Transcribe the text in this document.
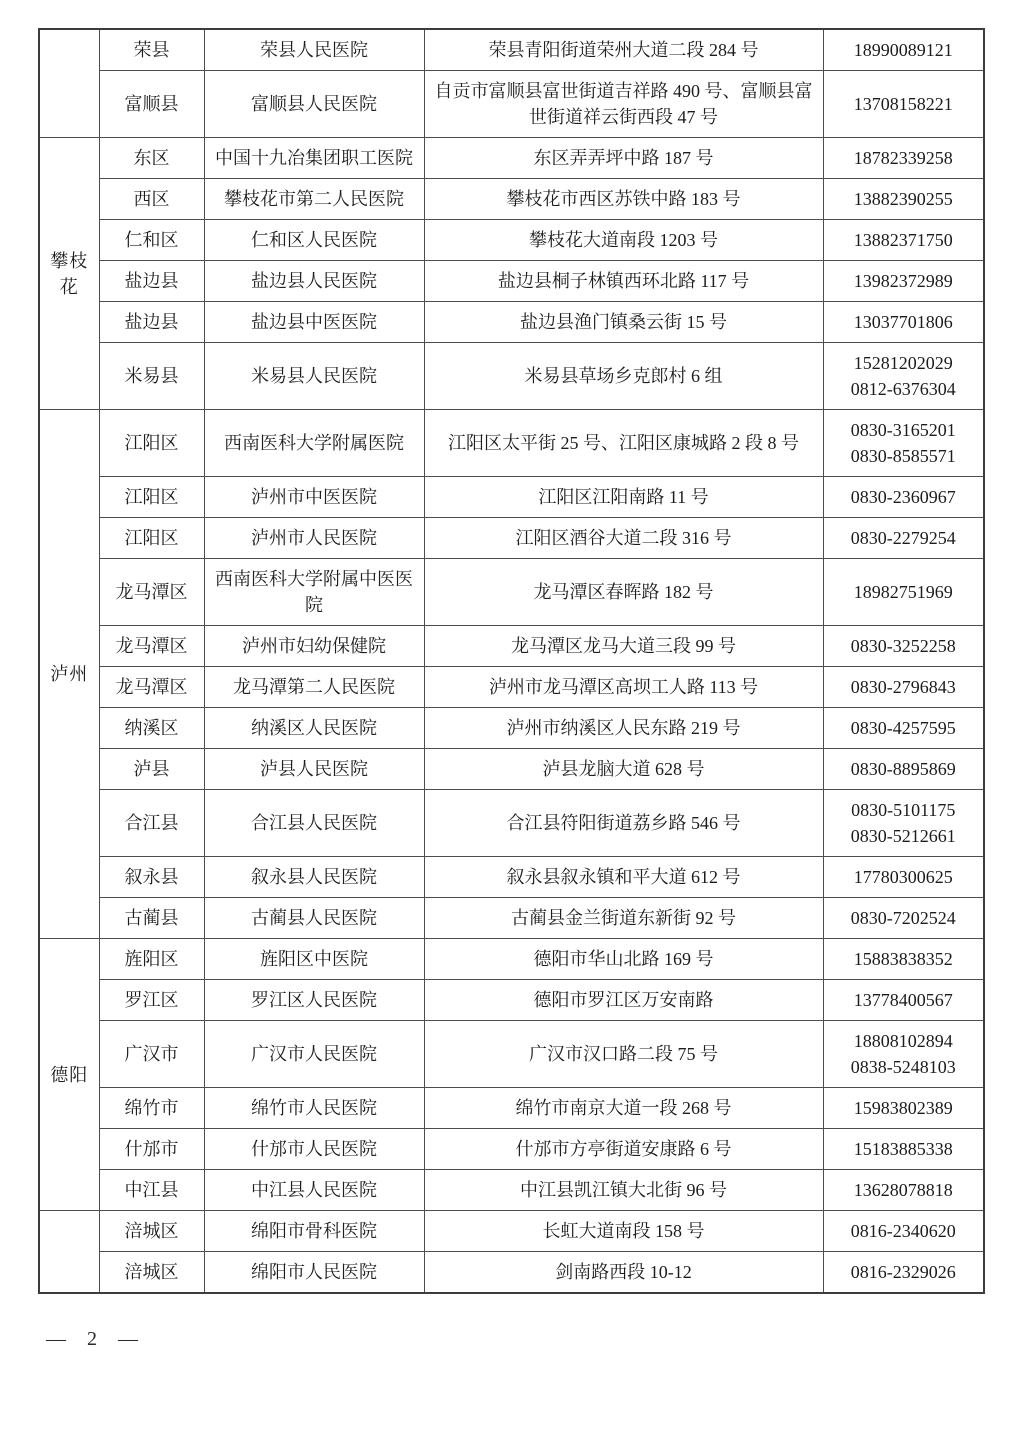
	荣县	荣县人民医院	荣县青阳街道荣州大道二段 284 号	18990089121

	富顺县	富顺县人民医院	自贡市富顺县富世街道吉祥路 490 号、富顺县富世街道祥云街西段 47 号	13708158221

攀枝花	东区	中国十九冶集团职工医院	东区弄弄坪中路 187 号	18782339258

	西区	攀枝花市第二人民医院	攀枝花市西区苏铁中路 183 号	13882390255

	仁和区	仁和区人民医院	攀枝花大道南段 1203 号	13882371750

	盐边县	盐边县人民医院	盐边县桐子林镇西环北路 117 号	13982372989

	盐边县	盐边县中医医院	盐边县渔门镇桑云街 15 号	13037701806

	米易县	米易县人民医院	米易县草场乡克郎村 6 组	15281202029
0812-6376304

泸州	江阳区	西南医科大学附属医院	江阳区太平街 25 号、江阳区康城路 2 段 8 号	0830-3165201
0830-8585571

	江阳区	泸州市中医医院	江阳区江阳南路 11 号	0830-2360967

	江阳区	泸州市人民医院	江阳区酒谷大道二段 316 号	0830-2279254

	龙马潭区	西南医科大学附属中医医院	龙马潭区春晖路 182 号	18982751969

	龙马潭区	泸州市妇幼保健院	龙马潭区龙马大道三段 99 号	0830-3252258

	龙马潭区	龙马潭第二人民医院	泸州市龙马潭区高坝工人路 113 号	0830-2796843

	纳溪区	纳溪区人民医院	泸州市纳溪区人民东路 219 号	0830-4257595

	泸县	泸县人民医院	泸县龙脑大道 628 号	0830-8895869

	合江县	合江县人民医院	合江县符阳街道荔乡路 546 号	0830-5101175
0830-5212661

	叙永县	叙永县人民医院	叙永县叙永镇和平大道 612 号	17780300625

	古蔺县	古蔺县人民医院	古蔺县金兰街道东新街 92 号	0830-7202524

德阳	旌阳区	旌阳区中医院	德阳市华山北路 169 号	15883838352

	罗江区	罗江区人民医院	德阳市罗江区万安南路	13778400567

	广汉市	广汉市人民医院	广汉市汉口路二段 75 号	18808102894
0838-5248103

	绵竹市	绵竹市人民医院	绵竹市南京大道一段 268 号	15983802389

	什邡市	什邡市人民医院	什邡市方亭街道安康路 6 号	15183885338

	中江县	中江县人民医院	中江县凯江镇大北街 96 号	13628078818

	涪城区	绵阳市骨科医院	长虹大道南段 158 号	0816-2340620

	涪城区	绵阳市人民医院	剑南路西段 10-12	0816-2329026
— 2 —
